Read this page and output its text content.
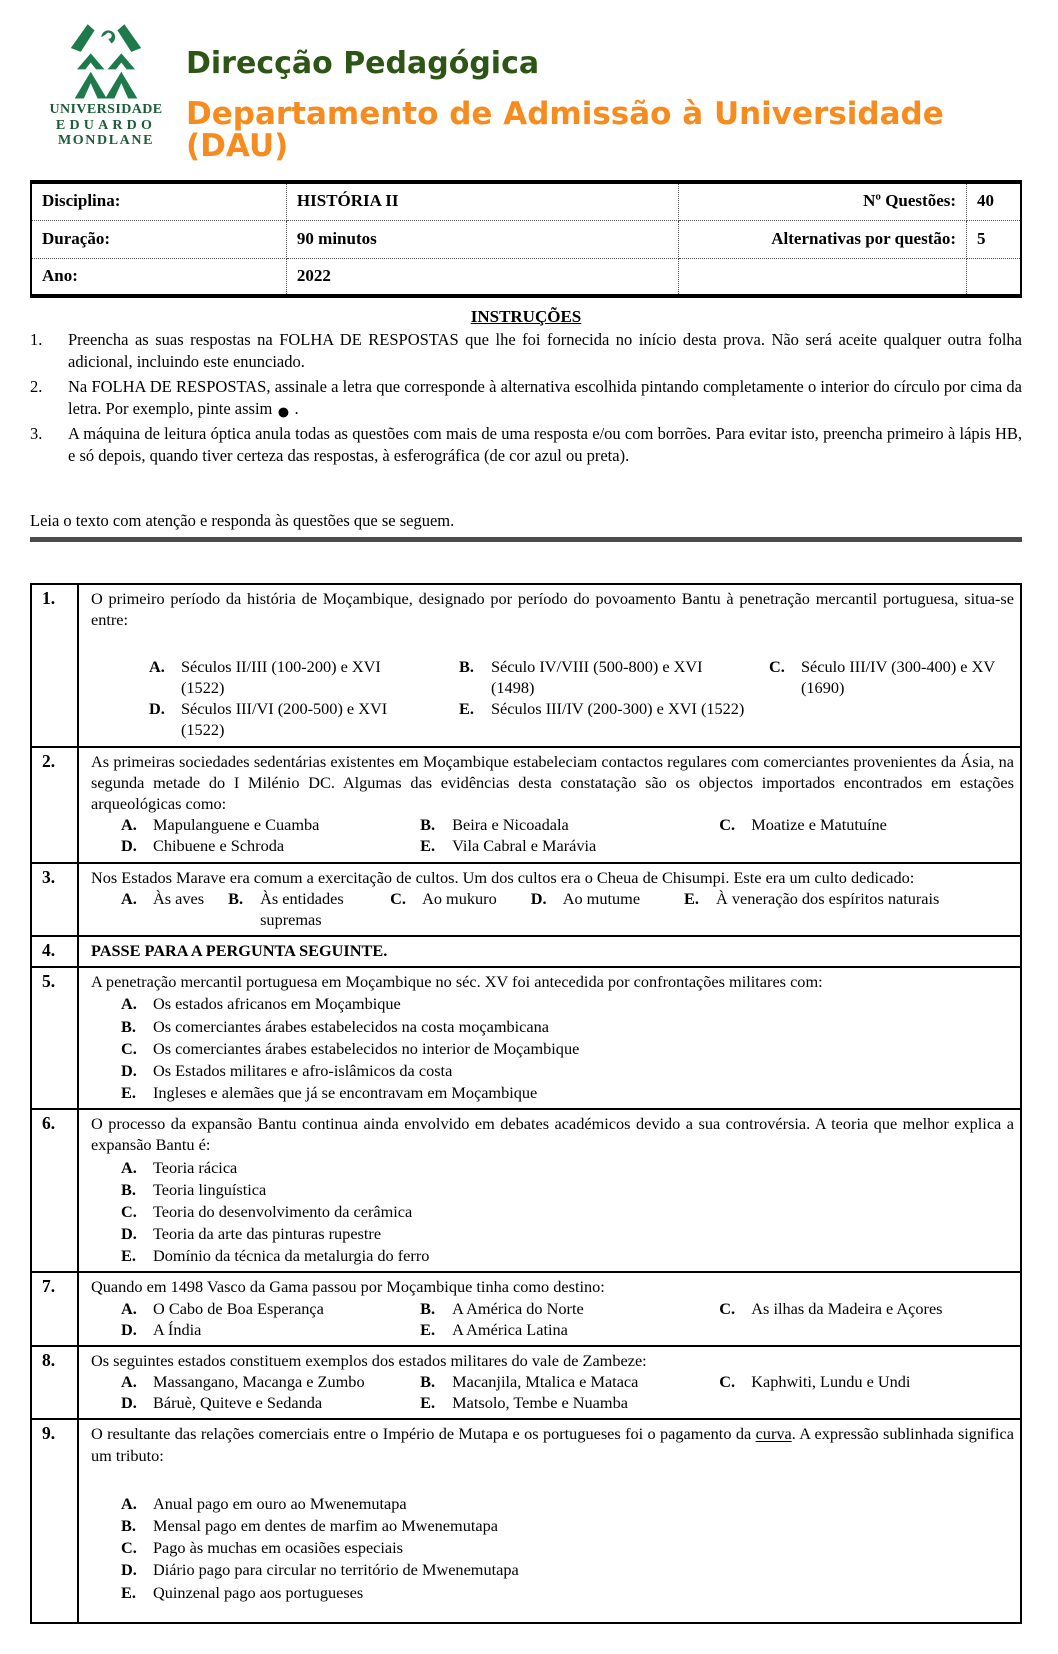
UNIVERSIDADE
EDUARDO
MONDLANE
Direcção Pedagógica
Departamento de Admissão à Universidade (DAU)
Disciplina:	HISTÓRIA II	Nº Questões:	40
Duração:	90 minutos	Alternativas por questão:	5
Ano:	2022		
INSTRUÇÕES
1.	Preencha as suas respostas na FOLHA DE RESPOSTAS que lhe foi fornecida no início desta prova. Não será aceite qualquer outra folha adicional, incluindo este enunciado.
2.	Na FOLHA DE RESPOSTAS, assinale a letra que corresponde à alternativa escolhida pintando completamente o interior do círculo por cima da letra. Por exemplo, pinte assim ● .
3.	A máquina de leitura óptica anula todas as questões com mais de uma resposta e/ou com borrões. Para evitar isto, preencha primeiro à lápis HB, e só depois, quando tiver certeza das respostas, à esferográfica (de cor azul ou preta).
Leia o texto com atenção e responda às questões que se seguem.
1.	O primeiro período da história de Moçambique, designado por período do povoamento Bantu à penetração mercantil portuguesa, situa-se entre:
A. Séculos II/III (100-200) e XVI (1522)
B.	Século IV/VIII (500-800) e XVI (1498)
C. Século III/IV (300-400) e XV (1690)
D. Séculos III/VI (200-500) e XVI (1522)
E.	Séculos III/IV (200-300) e XVI (1522)
2.	As primeiras sociedades sedentárias existentes em Moçambique estabeleciam contactos regulares com comerciantes provenientes da Ásia, na segunda metade do I Milénio DC. Algumas das evidências desta constatação são os objectos importados encontrados em estações arqueológicas como:
A. Mapulanguene e Cuamba	B.	Beira e Nicoadala	C. Moatize e Matutuíne
D. Chibuene e Schroda	E.	Vila Cabral e Marávia
3.	Nos Estados Marave era comum a exercitação de cultos. Um dos cultos era o Cheua de Chisumpi. Este era um culto dedicado:
A. Às aves B.	Às entidades supremas
C. Ao mukuro D. Ao mutume	E.	À veneração dos espíritos naturais
4.	PASSE PARA A PERGUNTA SEGUINTE.
5.	A penetração mercantil portuguesa em Moçambique no séc. XV foi antecedida por confrontações militares com:
A. Os estados africanos em Moçambique
B.	Os comerciantes árabes estabelecidos na costa moçambicana
C. Os comerciantes árabes estabelecidos no interior de Moçambique
D. Os Estados militares e afro-islâmicos da costa
E.	Ingleses e alemães que já se encontravam em Moçambique
6.	O processo da expansão Bantu continua ainda envolvido em debates académicos devido a sua controvérsia. A teoria que melhor explica a expansão Bantu é:
A. Teoria rácica
B.	Teoria linguística
C. Teoria do desenvolvimento da cerâmica
D. Teoria da arte das pinturas rupestre
E.	Domínio da técnica da metalurgia do ferro
7.	Quando em 1498 Vasco da Gama passou por Moçambique tinha como destino:
A. O Cabo de Boa Esperança	B.	A América do Norte	C. As ilhas da Madeira e Açores
D. A Índia	E.	A América Latina
8.	Os seguintes estados constituem exemplos dos estados militares do vale de Zambeze:
A. Massangano, Macanga e Zumbo	B.	Macanjila, Mtalica e Mataca	C. Kaphwiti, Lundu e Undi
D. Báruè, Quiteve e Sedanda	E.	Matsolo, Tembe e Nuamba
9.	O resultante das relações comerciais entre o Império de Mutapa e os portugueses foi o pagamento da curva. A expressão sublinhada significa um tributo:
A. Anual pago em ouro ao Mwenemutapa
B.	Mensal pago em dentes de marfim ao Mwenemutapa
C. Pago às muchas em ocasiões especiais
D. Diário pago para circular no território de Mwenemutapa
E.	Quinzenal pago aos portugueses
